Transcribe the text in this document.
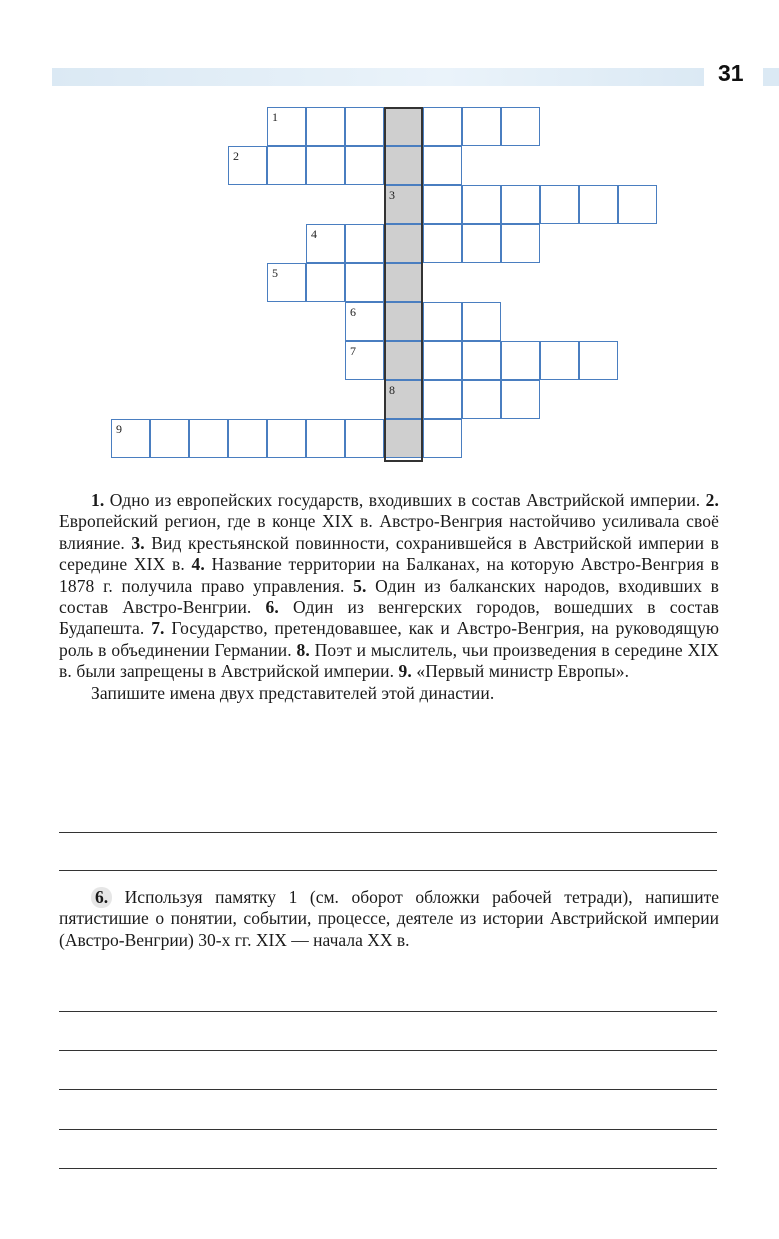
31
1
2
3
4
5
6
7
8
9

1. Одно из европейских государств, входивших в состав Австрийской империи. 2. Европейский регион, где в конце XIX в. Австро-Венгрия настойчиво усиливала своё влияние. 3. Вид крестьянской повинности, сохранившейся в Австрийской империи в середине XIX в. 4. Название территории на Балканах, на которую Австро-Венгрия в 1878 г. получила право управления. 5. Один из балканских народов, входивших в состав Австро-Венгрии. 6. Один из венгерских городов, вошедших в состав Будапешта. 7. Государство, претендовавшее, как и Австро-Венгрия, на руководящую роль в объединении Германии. 8. Поэт и мыслитель, чьи произведения в середине XIX в. были запрещены в Австрийской империи. 9. «Первый министр Европы».

Запишите имена двух представителей этой династии.

6. Используя памятку 1 (см. оборот обложки рабочей тетради), напишите пятистишие о понятии, событии, процессе, деятеле из истории Австрийской империи (Австро-Венгрии) 30-х гг. XIX — начала XX в.
